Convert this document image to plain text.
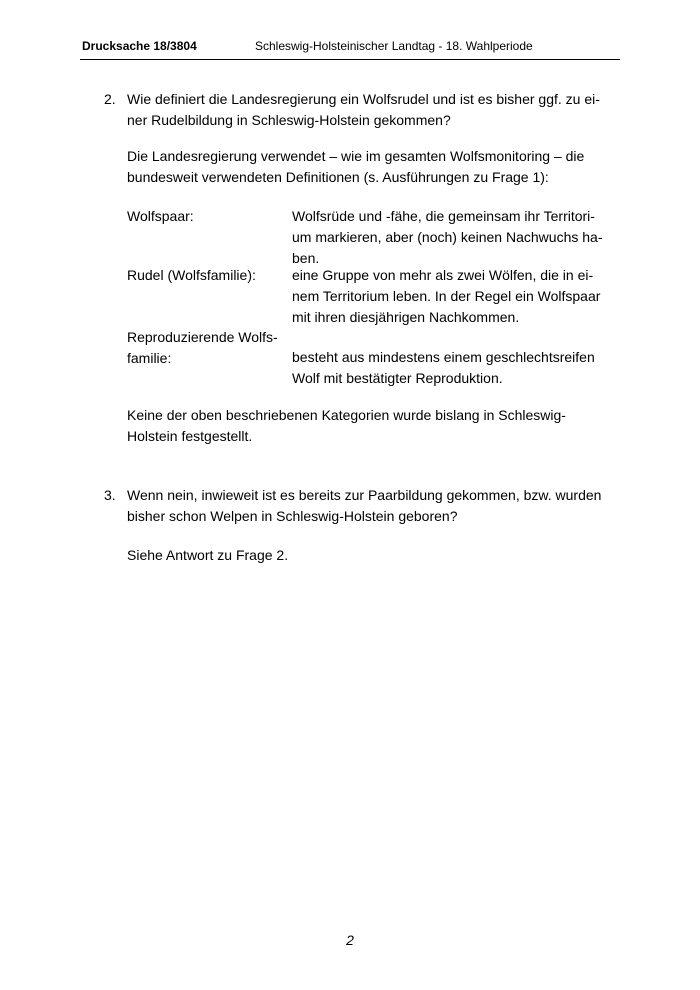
Drucksache 18/3804	Schleswig-Holsteinischer Landtag - 18. Wahlperiode
2. Wie definiert die Landesregierung ein Wolfsrudel und ist es bisher ggf. zu ei-
ner Rudelbildung in Schleswig-Holstein gekommen?
Die Landesregierung verwendet – wie im gesamten Wolfsmonitoring – die
bundesweit verwendeten Definitionen (s. Ausführungen zu Frage 1):
Wolfspaar:	Wolfsrüde und -fähe, die gemeinsam ihr Territori-
um markieren, aber (noch) keinen Nachwuchs ha-
ben.
Rudel (Wolfsfamilie):	eine Gruppe von mehr als zwei Wölfen, die in ei-
nem Territorium leben. In der Regel ein Wolfspaar
mit ihren diesjährigen Nachkommen.
Reproduzierende Wolfs-
familie:	besteht aus mindestens einem geschlechtsreifen
Wolf mit bestätigter Reproduktion.
Keine der oben beschriebenen Kategorien wurde bislang in Schleswig-
Holstein festgestellt.
3. Wenn nein, inwieweit ist es bereits zur Paarbildung gekommen, bzw. wurden
bisher schon Welpen in Schleswig-Holstein geboren?
Siehe Antwort zu Frage 2.
2
